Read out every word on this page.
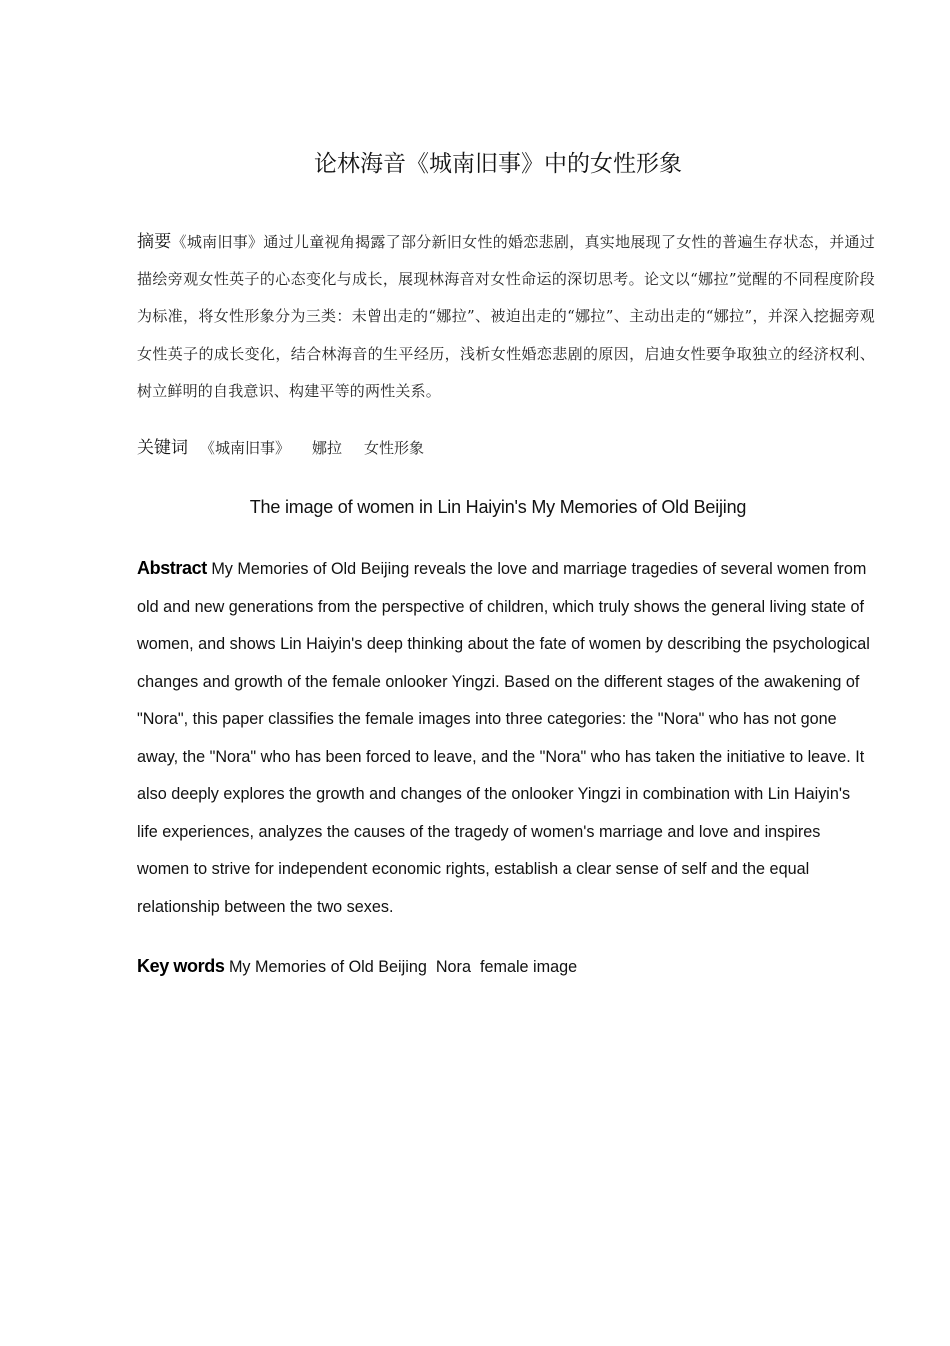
论林海音《城南旧事》中的女性形象
摘要《城南旧事》通过儿童视角揭露了部分新旧女性的婚恋悲剧，真实地展现了女性的普遍生存状态，并通过描绘旁观女性英子的心态变化与成长，展现林海音对女性命运的深切思考。论文以“娜拉”觉醒的不同程度阶段为标准，将女性形象分为三类：未曾出走的“娜拉”、被迫出走的“娜拉”、主动出走的“娜拉”，并深入挖掘旁观女性英子的成长变化，结合林海音的生平经历，浅析女性婚恋悲剧的原因，启迪女性要争取独立的经济权利、树立鲜明的自我意识、构建平等的两性关系。
关键词 《城南旧事》 娜拉 女性形象
The image of women in Lin Haiyin's My Memories of Old Beijing
Abstract My Memories of Old Beijing reveals the love and marriage tragedies of several women from old and new generations from the perspective of children, which truly shows the general living state of women, and shows Lin Haiyin's deep thinking about the fate of women by describing the psychological changes and growth of the female onlooker Yingzi. Based on the different stages of the awakening of "Nora", this paper classifies the female images into three categories: the "Nora" who has not gone away, the "Nora" who has been forced to leave, and the "Nora" who has taken the initiative to leave. It also deeply explores the growth and changes of the onlooker Yingzi in combination with Lin Haiyin's life experiences, analyzes the causes of the tragedy of women's marriage and love and inspires women to strive for independent economic rights, establish a clear sense of self and the equal relationship between the two sexes.
Key words My Memories of Old Beijing Nora female image
